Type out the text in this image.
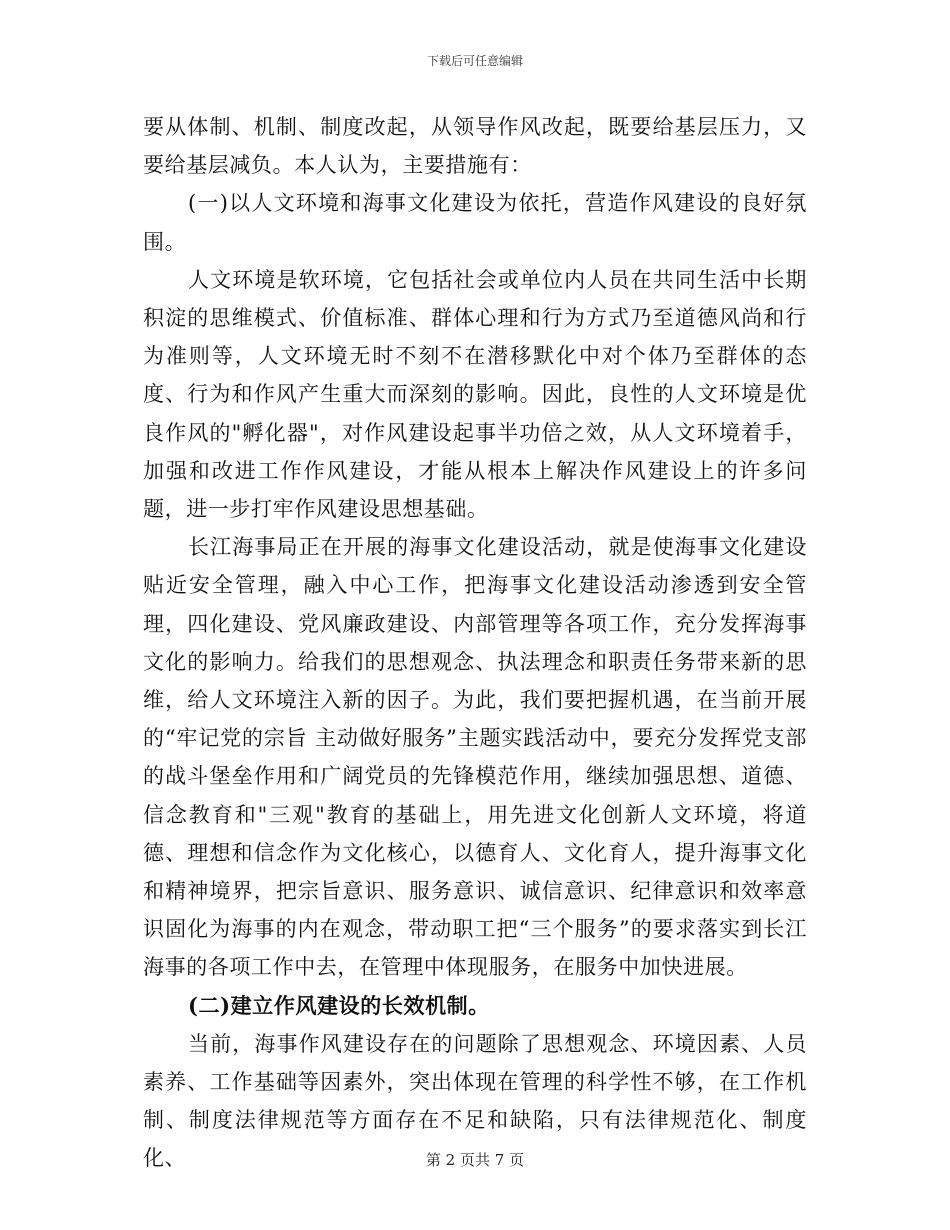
下载后可任意编辑

要从体制、机制、制度改起，从领导作风改起，既要给基层压力，又要给基层减负。本人认为，主要措施有：

(一)以人文环境和海事文化建设为依托，营造作风建设的良好氛围。

人文环境是软环境，它包括社会或单位内人员在共同生活中长期积淀的思维模式、价值标准、群体心理和行为方式乃至道德风尚和行为准则等，人文环境无时不刻不在潜移默化中对个体乃至群体的态度、行为和作风产生重大而深刻的影响。因此，良性的人文环境是优良作风的"孵化器"，对作风建设起事半功倍之效，从人文环境着手，加强和改进工作作风建设，才能从根本上解决作风建设上的许多问题，进一步打牢作风建设思想基础。

长江海事局正在开展的海事文化建设活动，就是使海事文化建设贴近安全管理，融入中心工作，把海事文化建设活动渗透到安全管理，四化建设、党风廉政建设、内部管理等各项工作，充分发挥海事文化的影响力。给我们的思想观念、执法理念和职责任务带来新的思维，给人文环境注入新的因子。为此，我们要把握机遇，在当前开展的“牢记党的宗旨 主动做好服务”主题实践活动中，要充分发挥党支部的战斗堡垒作用和广阔党员的先锋模范作用，继续加强思想、道德、信念教育和"三观"教育的基础上，用先进文化创新人文环境，将道德、理想和信念作为文化核心，以德育人、文化育人，提升海事文化和精神境界，把宗旨意识、服务意识、诚信意识、纪律意识和效率意识固化为海事的内在观念，带动职工把“三个服务”的要求落实到长江海事的各项工作中去，在管理中体现服务，在服务中加快进展。

(二)建立作风建设的长效机制。

当前，海事作风建设存在的问题除了思想观念、环境因素、人员素养、工作基础等因素外，突出体现在管理的科学性不够，在工作机制、制度法律规范等方面存在不足和缺陷，只有法律规范化、制度化、	第 2 页共 7 页
